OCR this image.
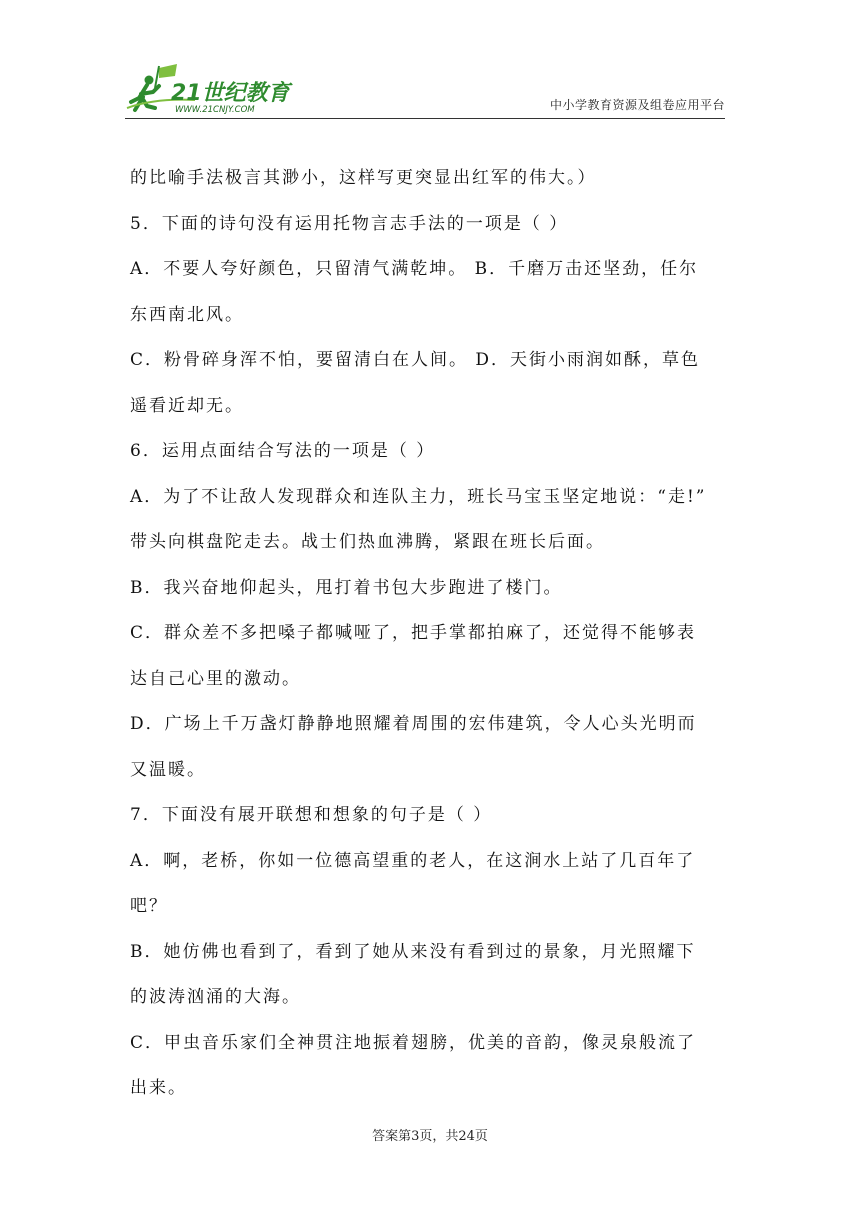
21世纪教育
WWW.21CNJY.COM	中小学教育资源及组卷应用平台
的比喻手法极言其渺小，这样写更突显出红军的伟大。）
5．下面的诗句没有运用托物言志手法的一项是（ ）
A．不要人夸好颜色，只留清气满乾坤。 B．千磨万击还坚劲，任尔
东西南北风。
C．粉骨碎身浑不怕，要留清白在人间。 D．天街小雨润如酥，草色
遥看近却无。
6．运用点面结合写法的一项是（ ）
A．为了不让敌人发现群众和连队主力，班长马宝玉坚定地说：“走!”
带头向棋盘陀走去。战士们热血沸腾，紧跟在班长后面。
B．我兴奋地仰起头，甩打着书包大步跑进了楼门。
C．群众差不多把嗓子都喊哑了，把手掌都拍麻了，还觉得不能够表
达自己心里的激动。
D．广场上千万盏灯静静地照耀着周围的宏伟建筑，令人心头光明而
又温暖。
7．下面没有展开联想和想象的句子是（ ）
A．啊，老桥，你如一位德高望重的老人，在这涧水上站了几百年了
吧？
B．她仿佛也看到了，看到了她从来没有看到过的景象，月光照耀下
的波涛汹涌的大海。
C．甲虫音乐家们全神贯注地振着翅膀，优美的音韵，像灵泉般流了
出来。
答案第3页，共24页
